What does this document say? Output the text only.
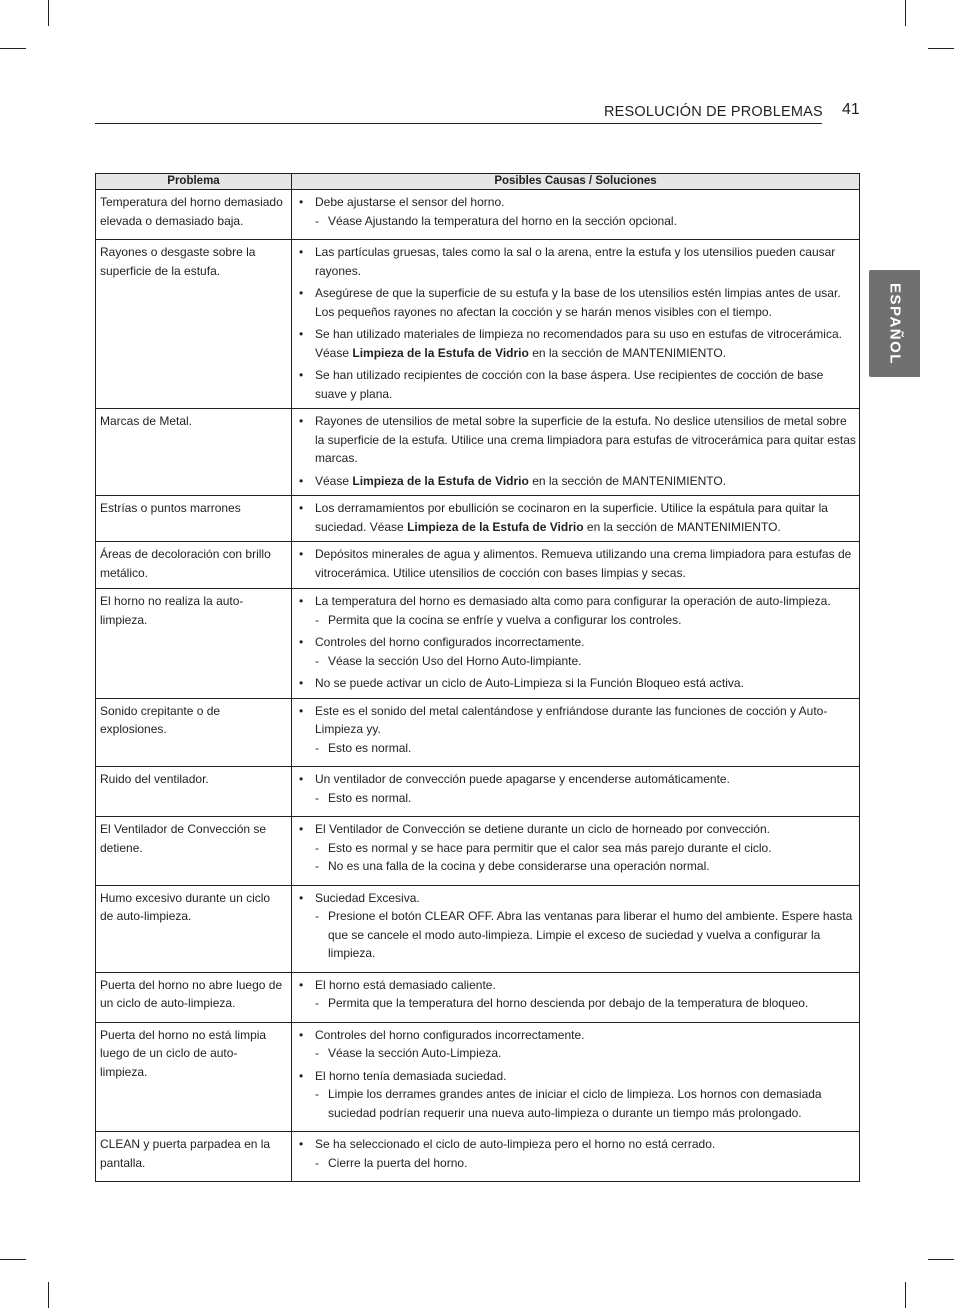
RESOLUCIÓN DE PROBLEMAS 41
ESPAÑOL
Problema	Posibles Causas / Soluciones
Temperatura del horno demasiado elevada o demasiado baja.	• Debe ajustarse el sensor del horno.
- Véase Ajustando la temperatura del horno en la sección opcional.

Rayones o desgaste sobre la superficie de la estufa.	• Las partículas gruesas, tales como la sal o la arena, entre la estufa y los utensilios pueden causar rayones.
• Asegúrese de que la superficie de su estufa y la base de los utensilios estén limpias antes de usar. Los pequeños rayones no afectan la cocción y se harán menos visibles con el tiempo.
• Se han utilizado materiales de limpieza no recomendados para su uso en estufas de vitrocerámica. Véase Limpieza de la Estufa de Vidrio en la sección de MANTENIMIENTO.
• Se han utilizado recipientes de cocción con la base áspera. Use recipientes de cocción de base suave y plana.

Marcas de Metal.	• Rayones de utensilios de metal sobre la superficie de la estufa. No deslice utensilios de metal sobre la superficie de la estufa. Utilice una crema limpiadora para estufas de vitrocerámica para quitar estas marcas.
• Véase Limpieza de la Estufa de Vidrio en la sección de MANTENIMIENTO.

Estrías o puntos marrones	• Los derramamientos por ebullición se cocinaron en la superficie. Utilice la espátula para quitar la suciedad. Véase Limpieza de la Estufa de Vidrio en la sección de MANTENIMIENTO.

Áreas de decoloración con brillo metálico.	• Depósitos minerales de agua y alimentos. Remueva utilizando una crema limpiadora para estufas de vitrocerámica. Utilice utensilios de cocción con bases limpias y secas.

El horno no realiza la auto-limpieza.	• La temperatura del horno es demasiado alta como para configurar la operación de auto-limpieza.
- Permita que la cocina se enfríe y vuelva a configurar los controles.
• Controles del horno configurados incorrectamente.
- Véase la sección Uso del Horno Auto-limpiante.
• No se puede activar un ciclo de Auto-Limpieza si la Función Bloqueo está activa.

Sonido crepitante o de explosiones.	• Este es el sonido del metal calentándose y enfriándose durante las funciones de cocción y Auto-Limpieza yy.
- Esto es normal.

Ruido del ventilador.	• Un ventilador de convección puede apagarse y encenderse automáticamente.
- Esto es normal.

El Ventilador de Convección se detiene.	• El Ventilador de Convección se detiene durante un ciclo de horneado por convección.
- Esto es normal y se hace para permitir que el calor sea más parejo durante el ciclo.
- No es una falla de la cocina y debe considerarse una operación normal.

Humo excesivo durante un ciclo de auto-limpieza.	• Suciedad Excesiva.
- Presione el botón CLEAR OFF. Abra las ventanas para liberar el humo del ambiente. Espere hasta que se cancele el modo auto-limpieza. Limpie el exceso de suciedad y vuelva a configurar la limpieza.

Puerta del horno no abre luego de un ciclo de auto-limpieza.	• El horno está demasiado caliente.
- Permita que la temperatura del horno descienda por debajo de la temperatura de bloqueo.

Puerta del horno no está limpia luego de un ciclo de auto-limpieza.	• Controles del horno configurados incorrectamente.
- Véase la sección Auto-Limpieza.
• El horno tenía demasiada suciedad.
- Limpie los derrames grandes antes de iniciar el ciclo de limpieza. Los hornos con demasiada suciedad podrían requerir una nueva auto-limpieza o durante un tiempo más prolongado.

CLEAN y puerta parpadea en la pantalla.	• Se ha seleccionado el ciclo de auto-limpieza pero el horno no está cerrado.
- Cierre la puerta del horno.
